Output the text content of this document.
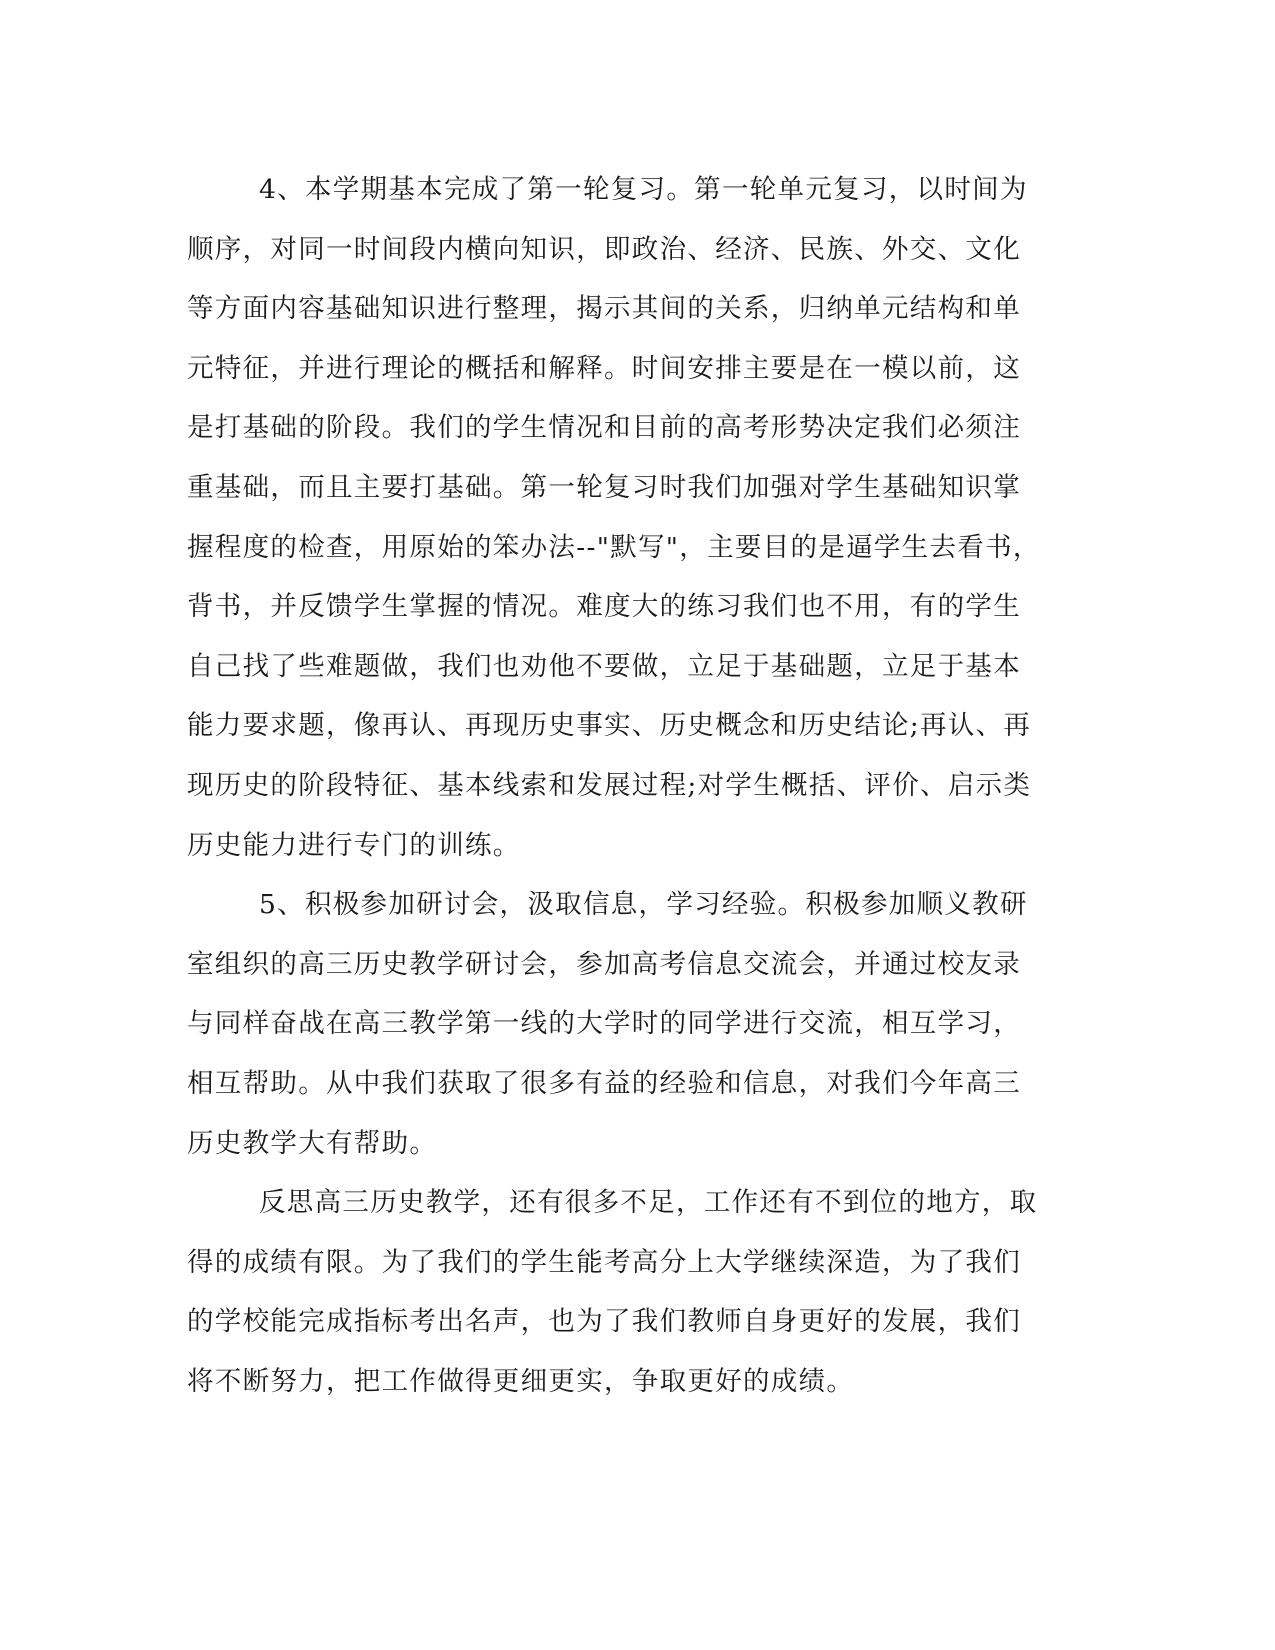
4、本学期基本完成了第一轮复习。第一轮单元复习，以时间为
顺序，对同一时间段内横向知识，即政治、经济、民族、外交、文化
等方面内容基础知识进行整理，揭示其间的关系，归纳单元结构和单
元特征，并进行理论的概括和解释。时间安排主要是在一模以前，这
是打基础的阶段。我们的学生情况和目前的高考形势决定我们必须注
重基础，而且主要打基础。第一轮复习时我们加强对学生基础知识掌
握程度的检查，用原始的笨办法--"默写"，主要目的是逼学生去看书，
背书，并反馈学生掌握的情况。难度大的练习我们也不用，有的学生
自己找了些难题做，我们也劝他不要做，立足于基础题，立足于基本
能力要求题，像再认、再现历史事实、历史概念和历史结论;再认、再
现历史的阶段特征、基本线索和发展过程;对学生概括、评价、启示类
历史能力进行专门的训练。
5、积极参加研讨会，汲取信息，学习经验。积极参加顺义教研
室组织的高三历史教学研讨会，参加高考信息交流会，并通过校友录
与同样奋战在高三教学第一线的大学时的同学进行交流，相互学习，
相互帮助。从中我们获取了很多有益的经验和信息，对我们今年高三
历史教学大有帮助。
反思高三历史教学，还有很多不足，工作还有不到位的地方，取
得的成绩有限。为了我们的学生能考高分上大学继续深造，为了我们
的学校能完成指标考出名声，也为了我们教师自身更好的发展，我们
将不断努力，把工作做得更细更实，争取更好的成绩。
